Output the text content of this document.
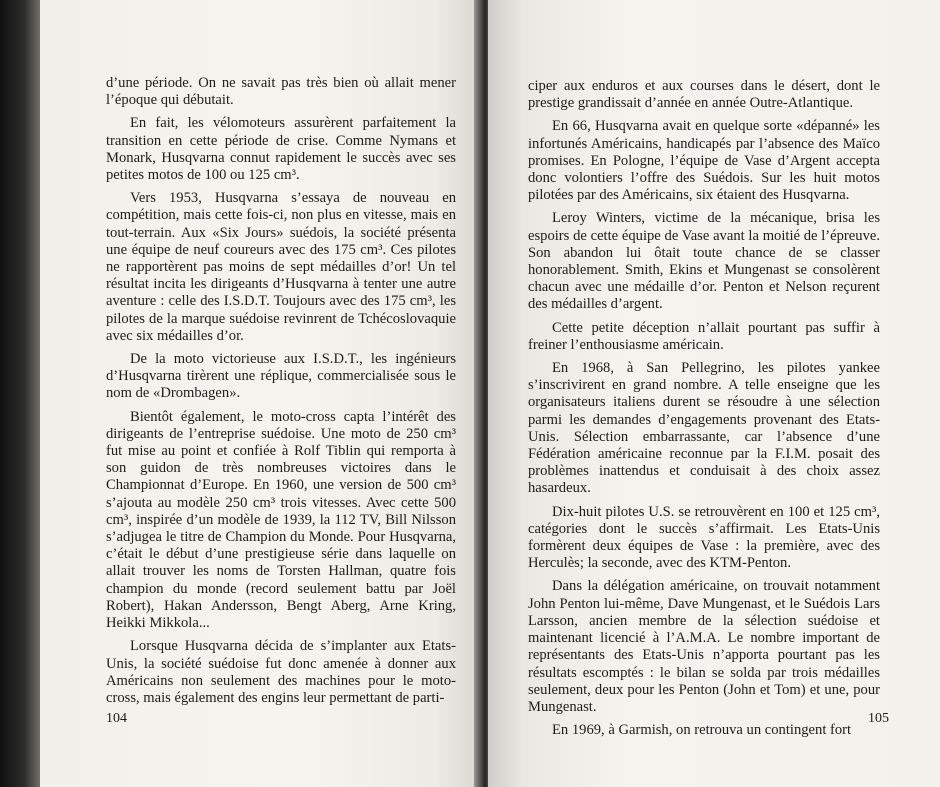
d’une période. On ne savait pas très bien où allait mener l’époque qui débutait.

En fait, les vélomoteurs assurèrent parfaitement la transition en cette période de crise. Comme Nymans et Monark, Husqvarna connut rapidement le succès avec ses petites motos de 100 ou 125 cm³.

Vers 1953, Husqvarna s’essaya de nouveau en compétition, mais cette fois-ci, non plus en vitesse, mais en tout-terrain. Aux «Six Jours» suédois, la société présenta une équipe de neuf coureurs avec des 175 cm³. Ces pilotes ne rapportèrent pas moins de sept médailles d’or! Un tel résultat incita les dirigeants d’Husqvarna à tenter une autre aventure : celle des I.S.D.T. Toujours avec des 175 cm³, les pilotes de la marque suédoise revinrent de Tchécoslovaquie avec six médailles d’or.

De la moto victorieuse aux I.S.D.T., les ingénieurs d’Husqvarna tirèrent une réplique, commercialisée sous le nom de «Drombagen».

Bientôt également, le moto-cross capta l’intérêt des dirigeants de l’entreprise suédoise. Une moto de 250 cm³ fut mise au point et confiée à Rolf Tiblin qui remporta à son guidon de très nombreuses victoires dans le Championnat d’Europe. En 1960, une version de 500 cm³ s’ajouta au modèle 250 cm³ trois vitesses. Avec cette 500 cm³, inspirée d’un modèle de 1939, la 112 TV, Bill Nilsson s’adjugea le titre de Champion du Monde. Pour Husqvarna, c’était le début d’une prestigieuse série dans laquelle on allait trouver les noms de Torsten Hallman, quatre fois champion du monde (record seulement battu par Joël Robert), Hakan Andersson, Bengt Aberg, Arne Kring, Heikki Mikkola...

Lorsque Husqvarna décida de s’implanter aux Etats-Unis, la société suédoise fut donc amenée à donner aux Américains non seulement des machines pour le moto-cross, mais également des engins leur permettant de parti-

104

ciper aux enduros et aux courses dans le désert, dont le prestige grandissait d’année en année Outre-Atlantique.

En 66, Husqvarna avait en quelque sorte «dépanné» les infortunés Américains, handicapés par l’absence des Maïco promises. En Pologne, l’équipe de Vase d’Argent accepta donc volontiers l’offre des Suédois. Sur les huit motos pilotées par des Américains, six étaient des Husqvarna.

Leroy Winters, victime de la mécanique, brisa les espoirs de cette équipe de Vase avant la moitié de l’épreuve. Son abandon lui ôtait toute chance de se classer honorablement. Smith, Ekins et Mungenast se consolèrent chacun avec une médaille d’or. Penton et Nelson reçurent des médailles d’argent.

Cette petite déception n’allait pourtant pas suffir à freiner l’enthousiasme américain.

En 1968, à San Pellegrino, les pilotes yankee s’inscrivirent en grand nombre. A telle enseigne que les organisateurs italiens durent se résoudre à une sélection parmi les demandes d’engagements provenant des Etats-Unis. Sélection embarrassante, car l’absence d’une Fédération américaine reconnue par la F.I.M. posait des problèmes inattendus et conduisait à des choix assez hasardeux.

Dix-huit pilotes U.S. se retrouvèrent en 100 et 125 cm³, catégories dont le succès s’affirmait. Les Etats-Unis formèrent deux équipes de Vase : la première, avec des Herculès; la seconde, avec des KTM-Penton.

Dans la délégation américaine, on trouvait notamment John Penton lui-même, Dave Mungenast, et le Suédois Lars Larsson, ancien membre de la sélection suédoise et maintenant licencié à l’A.M.A. Le nombre important de représentants des Etats-Unis n’apporta pourtant pas les résultats escomptés : le bilan se solda par trois médailles seulement, deux pour les Penton (John et Tom) et une, pour Mungenast.

En 1969, à Garmish, on retrouva un contingent fort

105
